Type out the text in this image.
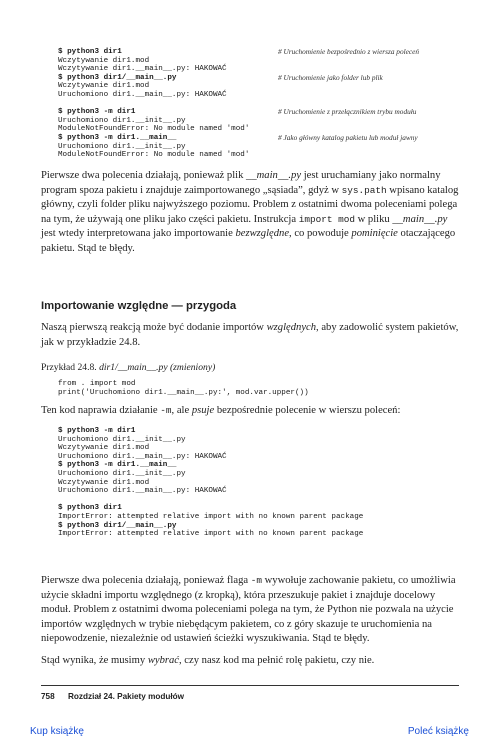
$ python3 dir1	# Uruchomienie bezpośrednio z wiersza poleceń
Wczytywanie dir1.mod
Wczytywanie dir1.__main__.py: HAKOWAĆ
$ python3 dir1/__main__.py	# Uruchomienie jako folder lub plik
Wczytywanie dir1.mod
Uruchomiono dir1.__main__.py: HAKOWAĆ
$ python3 -m dir1	# Uruchomienie z przełącznikiem trybu modułu
Uruchomiono dir1.__init__.py
ModuleNotFoundError: No module named 'mod'
$ python3 -m dir1.__main__	# Jako główny katalog pakietu lub moduł jawny
Uruchomiono dir1.__init__.py
ModuleNotFoundError: No module named 'mod'

Pierwsze dwa polecenia działają, ponieważ plik __main__.py jest uruchamiany jako normalny program spoza pakietu i znajduje zaimportowanego „sąsiada”, gdyż w sys.path wpisano katalog główny, czyli folder pliku najwyższego poziomu. Problem z ostatnimi dwoma poleceniami polega na tym, że używają one pliku jako części pakietu. Instrukcja import mod w pliku __main__.py jest wtedy interpretowana jako importowanie bezwzględne, co powoduje pominięcie otaczającego pakietu. Stąd te błędy.

Importowanie względne — przygoda

Naszą pierwszą reakcją może być dodanie importów względnych, aby zadowolić system pakietów, jak w przykładzie 24.8.

Przykład 24.8. dir1/__main__.py (zmieniony)
from . import mod
print('Uruchomiono dir1.__main__.py:', mod.var.upper())

Ten kod naprawia działanie -m, ale psuje bezpośrednie polecenie w wierszu poleceń:

$ python3 -m dir1
Uruchomiono dir1.__init__.py
Wczytywanie dir1.mod
Uruchomiono dir1.__main__.py: HAKOWAĆ
$ python3 -m dir1.__main__
Uruchomiono dir1.__init__.py
Wczytywanie dir1.mod
Uruchomiono dir1.__main__.py: HAKOWAĆ
$ python3 dir1
ImportError: attempted relative import with no known parent package
$ python3 dir1/__main__.py
ImportError: attempted relative import with no known parent package

Pierwsze dwa polecenia działają, ponieważ flaga -m wywołuje zachowanie pakietu, co umożliwia użycie składni importu względnego (z kropką), która przeszukuje pakiet i znajduje docelowy moduł. Problem z ostatnimi dwoma poleceniami polega na tym, że Python nie pozwala na użycie importów względnych w trybie niebędącym pakietem, co z góry skazuje te uruchomienia na niepowodzenie, niezależnie od ustawień ścieżki wyszukiwania. Stąd te błędy.

Stąd wynika, że musimy wybrać, czy nasz kod ma pełnić rolę pakietu, czy nie.

758 Rozdział 24. Pakiety modułów
Kup książkę	Poleć książkę
